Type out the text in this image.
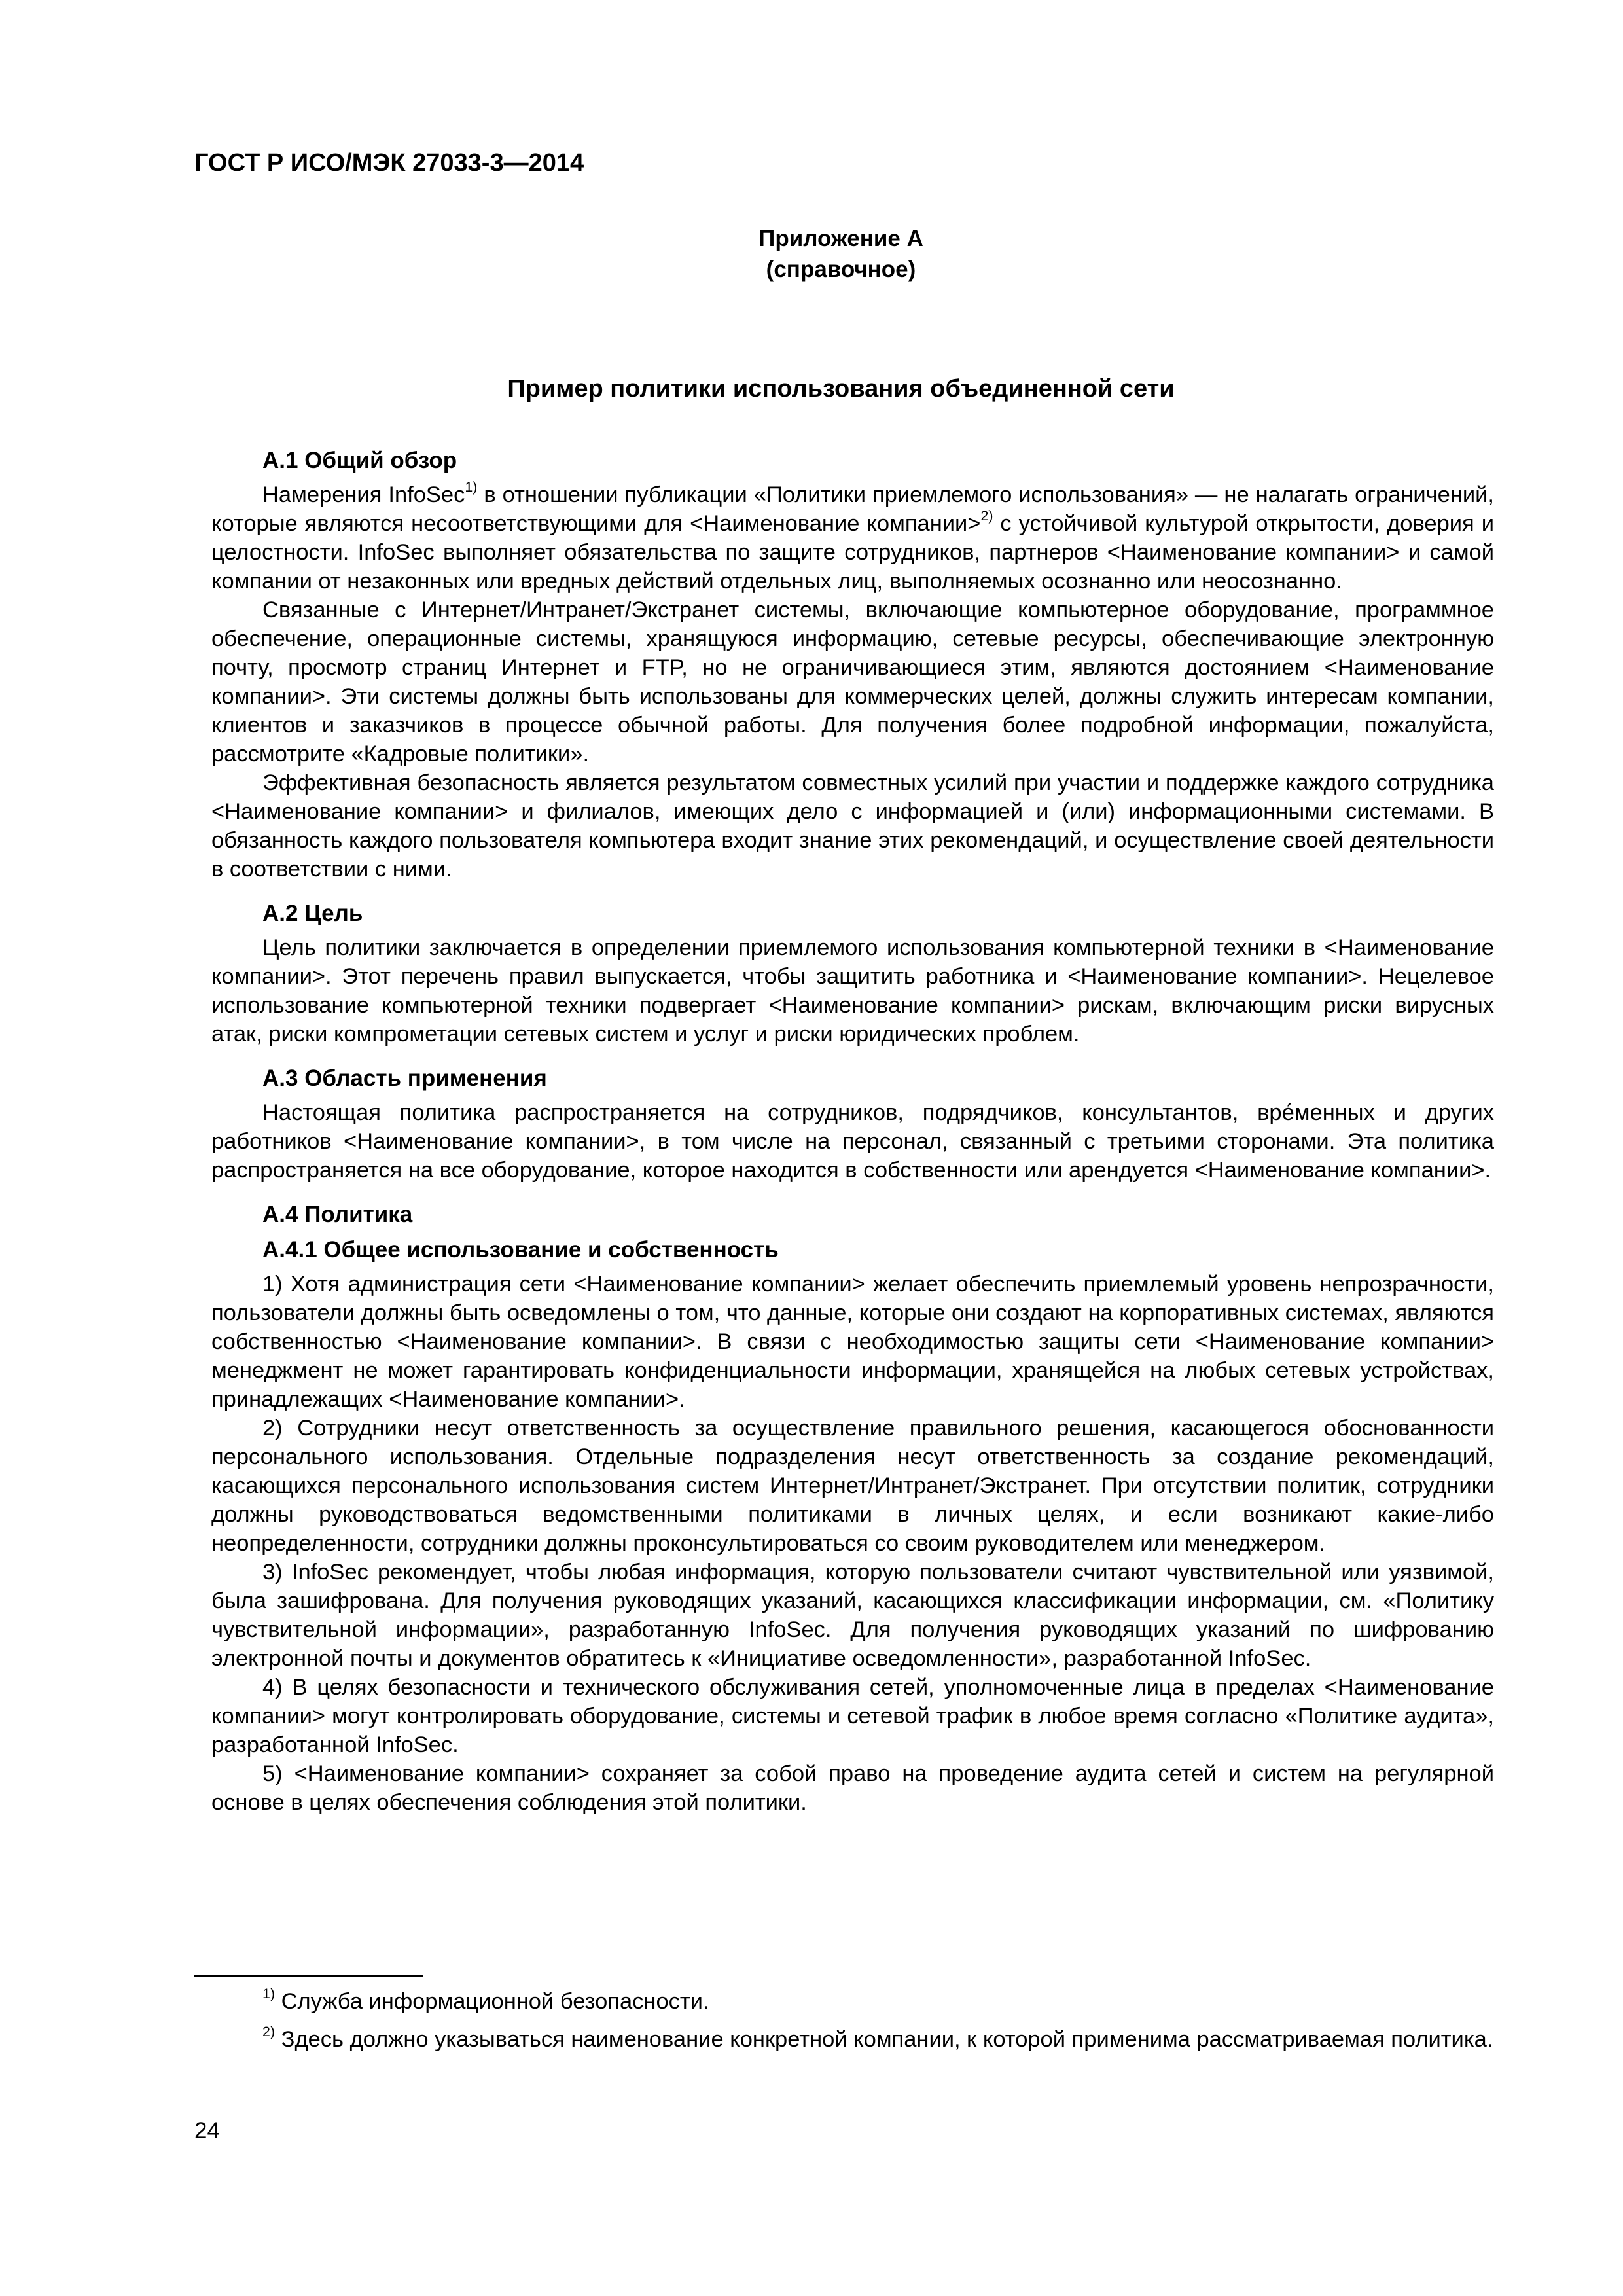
ГОСТ Р ИСО/МЭК 27033-3—2014
Приложение А
(справочное)
Пример политики использования объединенной сети
А.1 Общий обзор

Намерения InfoSec$^{1)}$ в отношении публикации «Политики приемлемого использования» — не налагать ограничений, которые являются несоответствующими для <Наименование компании>$^{2)}$ с устойчивой культурой открытости, доверия и целостности. InfoSec выполняет обязательства по защите сотрудников, партнеров <Наименование компании> и самой компании от незаконных или вредных действий отдельных лиц, выполняемых осознанно или неосознанно.

Связанные с Интернет/Интранет/Экстранет системы, включающие компьютерное оборудование, программное обеспечение, операционные системы, хранящуюся информацию, сетевые ресурсы, обеспечивающие электронную почту, просмотр страниц Интернет и FTP, но не ограничивающиеся этим, являются достоянием <Наименование компании>. Эти системы должны быть использованы для коммерческих целей, должны служить интересам компании, клиентов и заказчиков в процессе обычной работы. Для получения более подробной информации, пожалуйста, рассмотрите «Кадровые политики».

Эффективная безопасность является результатом совместных усилий при участии и поддержке каждого сотрудника <Наименование компании> и филиалов, имеющих дело с информацией и (или) информационными системами. В обязанность каждого пользователя компьютера входит знание этих рекомендаций, и осуществление своей деятельности в соответствии с ними.

А.2 Цель

Цель политики заключается в определении приемлемого использования компьютерной техники в <Наименование компании>. Этот перечень правил выпускается, чтобы защитить работника и <Наименование компании>. Нецелевое использование компьютерной техники подвергает <Наименование компании> рискам, включающим риски вирусных атак, риски компрометации сетевых систем и услуг и риски юридических проблем.

А.3 Область применения

Настоящая политика распространяется на сотрудников, подрядчиков, консультантов, вре́менных и других работников <Наименование компании>, в том числе на персонал, связанный с третьими сторонами. Эта политика распространяется на все оборудование, которое находится в собственности или арендуется <Наименование компании>.

А.4 Политика
А.4.1 Общее использование и собственность

1) Хотя администрация сети <Наименование компании> желает обеспечить приемлемый уровень непрозрачности, пользователи должны быть осведомлены о том, что данные, которые они создают на корпоративных системах, являются собственностью <Наименование компании>. В связи с необходимостью защиты сети <Наименование компании> менеджмент не может гарантировать конфиденциальности информации, хранящейся на любых сетевых устройствах, принадлежащих <Наименование компании>.

2) Сотрудники несут ответственность за осуществление правильного решения, касающегося обоснованности персонального использования. Отдельные подразделения несут ответственность за создание рекомендаций, касающихся персонального использования систем Интернет/Интранет/Экстранет. При отсутствии политик, сотрудники должны руководствоваться ведомственными политиками в личных целях, и если возникают какие-либо неопределенности, сотрудники должны проконсультироваться со своим руководителем или менеджером.

3) InfoSec рекомендует, чтобы любая информация, которую пользователи считают чувствительной или уязвимой, была зашифрована. Для получения руководящих указаний, касающихся классификации информации, см. «Политику чувствительной информации», разработанную InfoSec. Для получения руководящих указаний по шифрованию электронной почты и документов обратитесь к «Инициативе осведомленности», разработанной InfoSec.

4) В целях безопасности и технического обслуживания сетей, уполномоченные лица в пределах <Наименование компании> могут контролировать оборудование, системы и сетевой трафик в любое время согласно «Политике аудита», разработанной InfoSec.

5) <Наименование компании> сохраняет за собой право на проведение аудита сетей и систем на регулярной основе в целях обеспечения соблюдения этой политики.

$^{1)}$ Служба информационной безопасности.

$^{2)}$ Здесь должно указываться наименование конкретной компании, к которой применима рассматриваемая политика.

24
